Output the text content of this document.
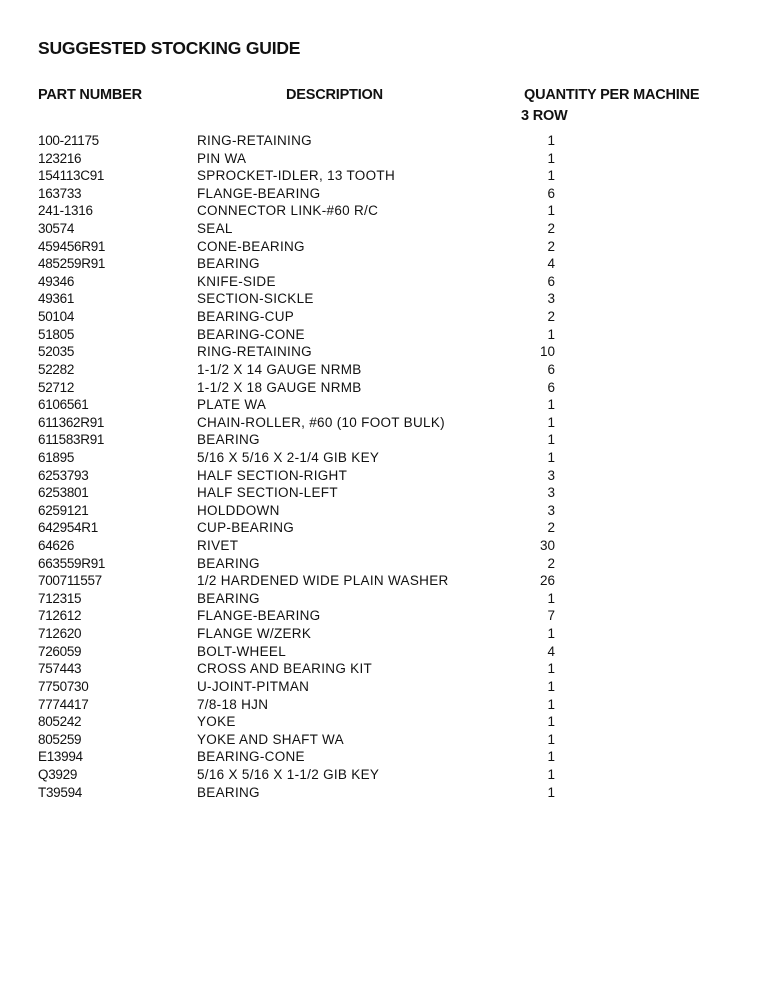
SUGGESTED STOCKING GUIDE
PART NUMBER	DESCRIPTION	QUANTITY PER MACHINE
3 ROW
100-21175	RING-RETAINING	1
123216	PIN WA	1
154113C91	SPROCKET-IDLER, 13 TOOTH	1
163733	FLANGE-BEARING	6
241-1316	CONNECTOR LINK-#60 R/C	1
30574	SEAL	2
459456R91	CONE-BEARING	2
485259R91	BEARING	4
49346	KNIFE-SIDE	6
49361	SECTION-SICKLE	3
50104	BEARING-CUP	2
51805	BEARING-CONE	1
52035	RING-RETAINING	10
52282	1-1/2 X 14 GAUGE NRMB	6
52712	1-1/2 X 18 GAUGE NRMB	6
6106561	PLATE WA	1
611362R91	CHAIN-ROLLER, #60 (10 FOOT BULK)	1
611583R91	BEARING	1
61895	5/16 X 5/16 X 2-1/4 GIB KEY	1
6253793	HALF SECTION-RIGHT	3
6253801	HALF SECTION-LEFT	3
6259121	HOLDDOWN	3
642954R1	CUP-BEARING	2
64626	RIVET	30
663559R91	BEARING	2
700711557	1/2 HARDENED WIDE PLAIN WASHER	26
712315	BEARING	1
712612	FLANGE-BEARING	7
712620	FLANGE W/ZERK	1
726059	BOLT-WHEEL	4
757443	CROSS AND BEARING KIT	1
7750730	U-JOINT-PITMAN	1
7774417	7/8-18 HJN	1
805242	YOKE	1
805259	YOKE AND SHAFT WA	1
E13994	BEARING-CONE	1
Q3929	5/16 X 5/16 X 1-1/2 GIB KEY	1
T39594	BEARING	1
